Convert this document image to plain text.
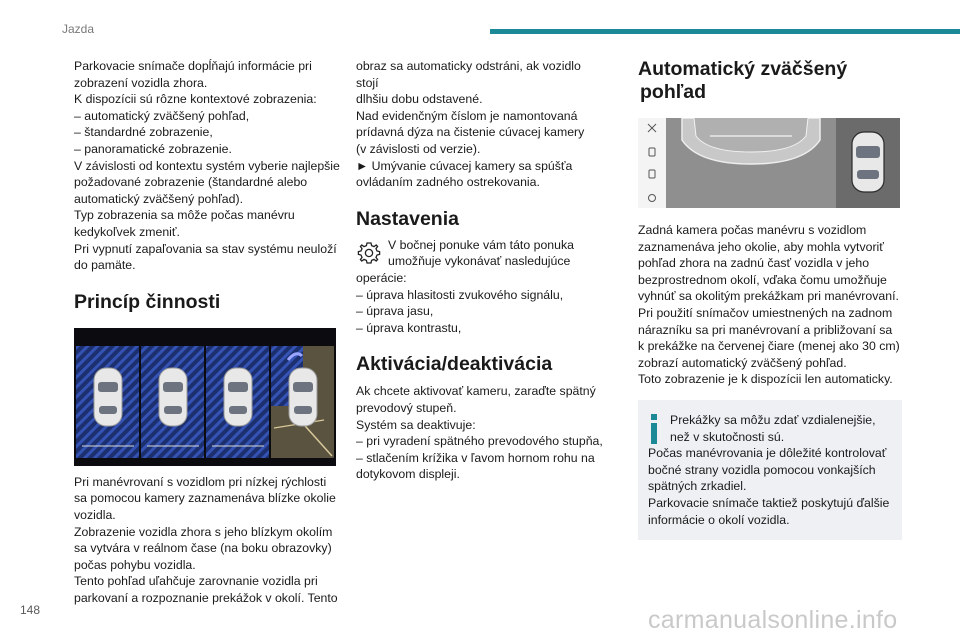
Jazda

Parkovacie snímače dopĺňajú informácie pri

zobrazení vozidla zhora.

K dispozícii sú rôzne kontextové zobrazenia:

– automatický zväčšený pohľad,

– štandardné zobrazenie,

– panoramatické zobrazenie.

V závislosti od kontextu systém vyberie najlepšie

požadované zobrazenie (štandardné alebo

automatický zväčšený pohľad).

Typ zobrazenia sa môže počas manévru

kedykoľvek zmeniť.

Pri vypnutí zapaľovania sa stav systému neuloží

do pamäte.

Princíp činnosti

Pri manévrovaní s vozidlom pri nízkej rýchlosti

sa pomocou kamery zaznamenáva blízke okolie

vozidla.

Zobrazenie vozidla zhora s jeho blízkym okolím

sa vytvára v reálnom čase (na boku obrazovky)

počas pohybu vozidla.

Tento pohľad uľahčuje zarovnanie vozidla pri

parkovaní a rozpoznanie prekážok v okolí. Tento

obraz sa automaticky odstráni, ak vozidlo stojí

dlhšiu dobu odstavené.

Nad evidenčným číslom je namontovaná

prídavná dýza na čistenie cúvacej kamery

(v závislosti od verzie).

► Umývanie cúvacej kamery sa spúšťa

ovládaním zadného ostrekovania.

Nastavenia

V bočnej ponuke vám táto ponuka

umožňuje vykonávať nasledujúce

operácie:

– úprava hlasitosti zvukového signálu,

– úprava jasu,

– úprava kontrastu,

Aktivácia/deaktivácia

Ak chcete aktivovať kameru, zaraďte spätný

prevodový stupeň.

Systém sa deaktivuje:

– pri vyradení spätného prevodového stupňa,

– stlačením krížika v ľavom hornom rohu na

dotykovom displeji.

Automatický zväčšený
pohľad

Zadná kamera počas manévru s vozidlom

zaznamenáva jeho okolie, aby mohla vytvoriť

pohľad zhora na zadnú časť vozidla v jeho

bezprostrednom okolí, vďaka čomu umožňuje

vyhnúť sa okolitým prekážkam pri manévrovaní.

Pri použití snímačov umiestnených na zadnom

nárazníku sa pri manévrovaní a približovaní sa

k prekážke na červenej čiare (menej ako 30 cm)

zobrazí automatický zväčšený pohľad.

Toto zobrazenie je k dispozícii len automaticky.

Prekážky sa môžu zdať vzdialenejšie,

než v skutočnosti sú.

Počas manévrovania je dôležité kontrolovať

bočné strany vozidla pomocou vonkajších

spätných zrkadiel.

Parkovacie snímače taktiež poskytujú ďalšie

informácie o okolí vozidla.

148	carmanualsonline.info
